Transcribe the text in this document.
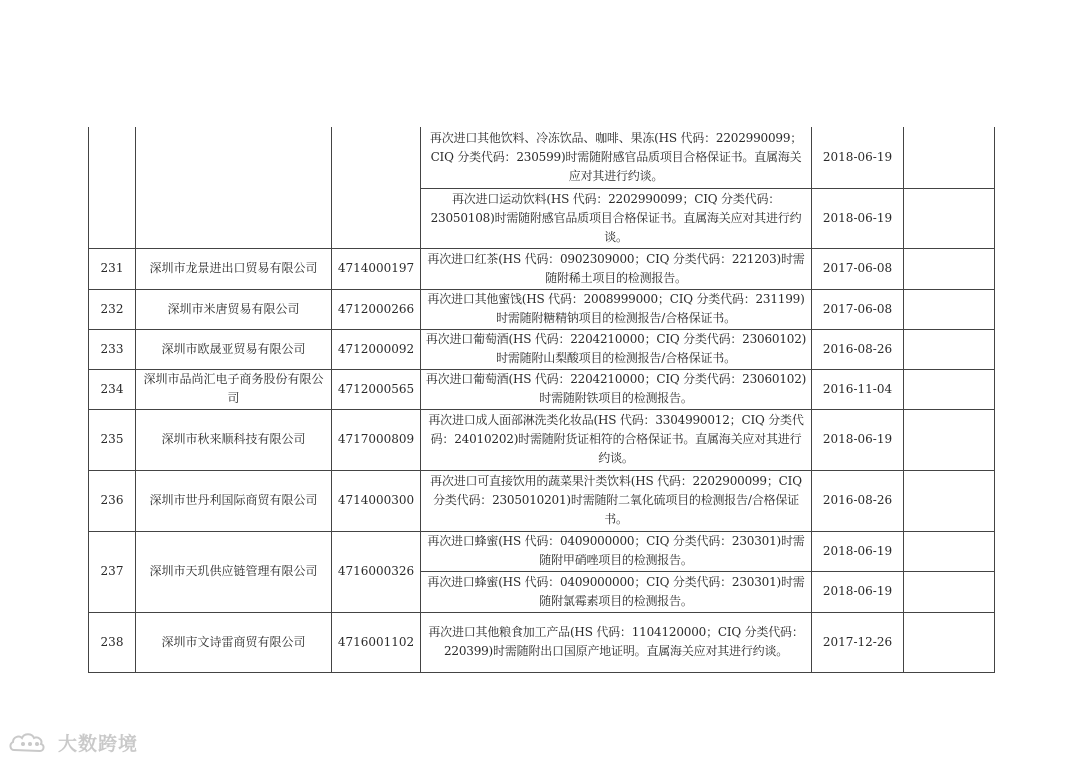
			再次进口其他饮料、冷冻饮品、咖啡、果冻(HS 代码：2202990099；CIQ 分类代码：230599)时需随附感官品质项目合格保证书。直属海关应对其进行约谈。	2018-06-19	
			再次进口运动饮料(HS 代码：2202990099；CIQ 分类代码：23050108)时需随附感官品质项目合格保证书。直属海关应对其进行约谈。	2018-06-19	
231	深圳市龙景进出口贸易有限公司	4714000197	再次进口红茶(HS 代码：0902309000；CIQ 分类代码：221203)时需随附稀土项目的检测报告。	2017-06-08	
232	深圳市米唐贸易有限公司	4712000266	再次进口其他蜜饯(HS 代码：2008999000；CIQ 分类代码：231199)时需随附糖精钠项目的检测报告/合格保证书。	2017-06-08	
233	深圳市欧晟亚贸易有限公司	4712000092	再次进口葡萄酒(HS 代码：2204210000；CIQ 分类代码：23060102)时需随附山梨酸项目的检测报告/合格保证书。	2016-08-26	
234	深圳市品尚汇电子商务股份有限公司	4712000565	再次进口葡萄酒(HS 代码：2204210000；CIQ 分类代码：23060102)时需随附铁项目的检测报告。	2016-11-04	
235	深圳市秋来顺科技有限公司	4717000809	再次进口成人面部淋洗类化妆品(HS 代码：3304990012；CIQ 分类代码：24010202)时需随附货证相符的合格保证书。直属海关应对其进行约谈。	2018-06-19	
236	深圳市世丹利国际商贸有限公司	4714000300	再次进口可直接饮用的蔬菜果汁类饮料(HS 代码：2202900099；CIQ 分类代码：2305010201)时需随附二氧化硫项目的检测报告/合格保证书。	2016-08-26	
237	深圳市天玑供应链管理有限公司	4716000326	再次进口蜂蜜(HS 代码：0409000000；CIQ 分类代码：230301)时需随附甲硝唑项目的检测报告。	2018-06-19	
			再次进口蜂蜜(HS 代码：0409000000；CIQ 分类代码：230301)时需随附氯霉素项目的检测报告。	2018-06-19	
238	深圳市文诗雷商贸有限公司	4716001102	再次进口其他粮食加工产品(HS 代码：1104120000；CIQ 分类代码：220399)时需随附出口国原产地证明。直属海关应对其进行约谈。	2017-12-26	
大数跨境
